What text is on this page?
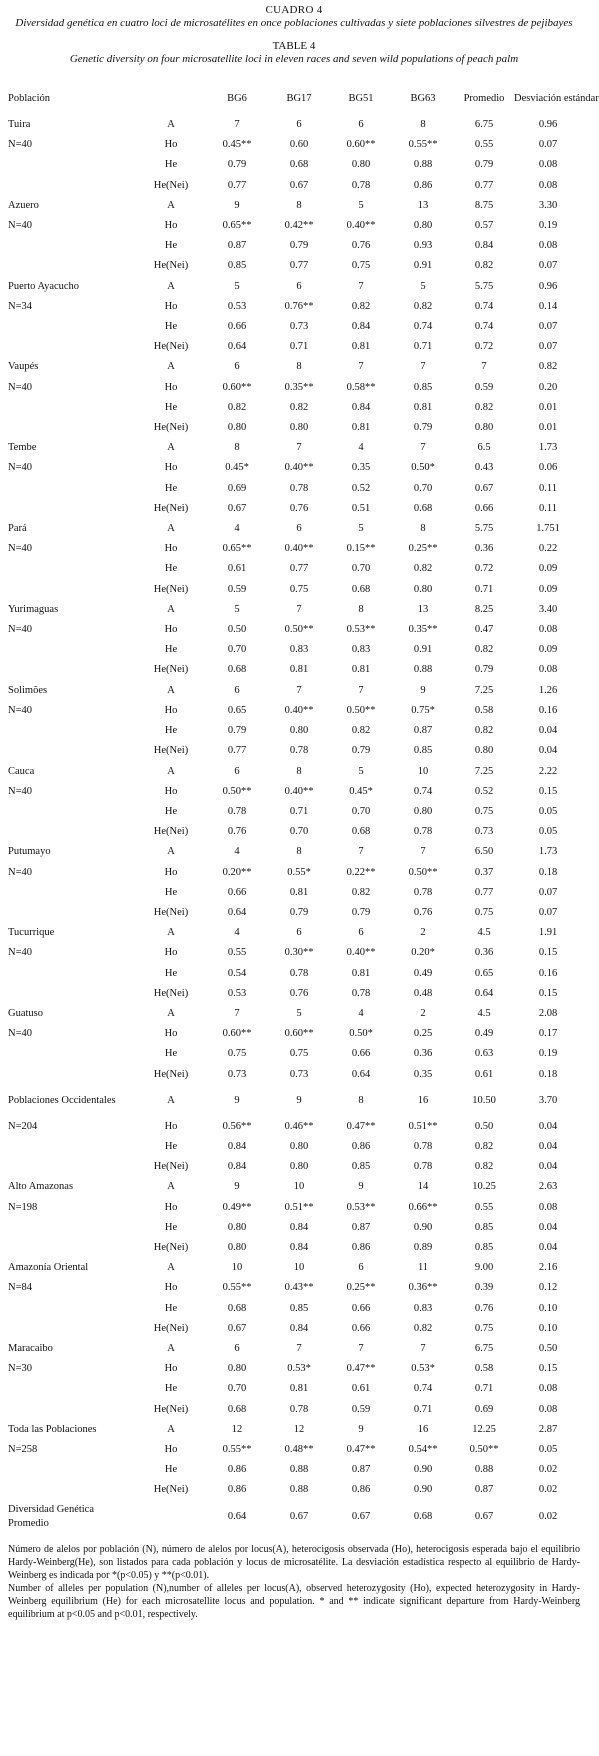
CUADRO 4
Diversidad genética en cuatro loci de microsatélites en once poblaciones cultivadas y siete poblaciones silvestres de pejibayes
TABLE 4
Genetic diversity on four microsatellite loci in eleven races and seven wild populations of peach palm
Población		BG6	BG17	BG51	BG63	Promedio	Desviación estándar
Tuira	A	7	6	6	8	6.75	0.96
N=40	Ho	0.45**	0.60	0.60**	0.55**	0.55	0.07
	He	0.79	0.68	0.80	0.88	0.79	0.08
	He(Nei)	0.77	0.67	0.78	0.86	0.77	0.08
Azuero	A	9	8	5	13	8.75	3.30
N=40	Ho	0.65**	0.42**	0.40**	0.80	0.57	0.19
	He	0.87	0.79	0.76	0.93	0.84	0.08
	He(Nei)	0.85	0.77	0.75	0.91	0.82	0.07
Puerto Ayacucho	A	5	6	7	5	5.75	0.96
N=34	Ho	0.53	0.76**	0.82	0.82	0.74	0.14
	He	0.66	0.73	0.84	0.74	0.74	0.07
	He(Nei)	0.64	0.71	0.81	0.71	0.72	0.07
Vaupés	A	6	8	7	7	7	0.82
N=40	Ho	0.60**	0.35**	0.58**	0.85	0.59	0.20
	He	0.82	0.82	0.84	0.81	0.82	0.01
	He(Nei)	0.80	0.80	0.81	0.79	0.80	0.01
Tembe	A	8	7	4	7	6.5	1.73
N=40	Ho	0.45*	0.40**	0.35	0.50*	0.43	0.06
	He	0.69	0.78	0.52	0.70	0.67	0.11
	He(Nei)	0.67	0.76	0.51	0.68	0.66	0.11
Pará	A	4	6	5	8	5.75	1.751
N=40	Ho	0.65**	0.40**	0.15**	0.25**	0.36	0.22
	He	0.61	0.77	0.70	0.82	0.72	0.09
	He(Nei)	0.59	0.75	0.68	0.80	0.71	0.09
Yurimaguas	A	5	7	8	13	8.25	3.40
N=40	Ho	0.50	0.50**	0.53**	0.35**	0.47	0.08
	He	0.70	0.83	0.83	0.91	0.82	0.09
	He(Nei)	0.68	0.81	0.81	0.88	0.79	0.08
Solimões	A	6	7	7	9	7.25	1.26
N=40	Ho	0.65	0.40**	0.50**	0.75*	0.58	0.16
	He	0.79	0.80	0.82	0.87	0.82	0.04
	He(Nei)	0.77	0.78	0.79	0.85	0.80	0.04
Cauca	A	6	8	5	10	7.25	2.22
N=40	Ho	0.50**	0.40**	0.45*	0.74	0.52	0.15
	He	0.78	0.71	0.70	0.80	0.75	0.05
	He(Nei)	0.76	0.70	0.68	0.78	0.73	0.05
Putumayo	A	4	8	7	7	6.50	1.73
N=40	Ho	0.20**	0.55*	0.22**	0.50**	0.37	0.18
	He	0.66	0.81	0.82	0.78	0.77	0.07
	He(Nei)	0.64	0.79	0.79	0.76	0.75	0.07
Tucurrique	A	4	6	6	2	4.5	1.91
N=40	Ho	0.55	0.30**	0.40**	0.20*	0.36	0.15
	He	0.54	0.78	0.81	0.49	0.65	0.16
	He(Nei)	0.53	0.76	0.78	0.48	0.64	0.15
Guatuso	A	7	5	4	2	4.5	2.08
N=40	Ho	0.60**	0.60**	0.50*	0.25	0.49	0.17
	He	0.75	0.75	0.66	0.36	0.63	0.19
	He(Nei)	0.73	0.73	0.64	0.35	0.61	0.18
Poblaciones Occidentales	A	9	9	8	16	10.50	3.70
N=204	Ho	0.56**	0.46**	0.47**	0.51**	0.50	0.04
	He	0.84	0.80	0.86	0.78	0.82	0.04
	He(Nei)	0.84	0.80	0.85	0.78	0.82	0.04
Alto Amazonas	A	9	10	9	14	10.25	2.63
N=198	Ho	0.49**	0.51**	0.53**	0.66**	0.55	0.08
	He	0.80	0.84	0.87	0.90	0.85	0.04
	He(Nei)	0.80	0.84	0.86	0.89	0.85	0.04
Amazonía Oriental	A	10	10	6	11	9.00	2.16
N=84	Ho	0.55**	0.43**	0.25**	0.36**	0.39	0.12
	He	0.68	0.85	0.66	0.83	0.76	0.10
	He(Nei)	0.67	0.84	0.66	0.82	0.75	0.10
Maracaibo	A	6	7	7	7	6.75	0.50
N=30	Ho	0.80	0.53*	0.47**	0.53*	0.58	0.15
	He	0.70	0.81	0.61	0.74	0.71	0.08
	He(Nei)	0.68	0.78	0.59	0.71	0.69	0.08
Toda las Poblaciones	A	12	12	9	16	12.25	2.87
N=258	Ho	0.55**	0.48**	0.47**	0.54**	0.50**	0.05
	He	0.86	0.88	0.87	0.90	0.88	0.02
	He(Nei)	0.86	0.88	0.86	0.90	0.87	0.02
Diversidad Genética Promedio		0.64	0.67	0.67	0.68	0.67	0.02

Número de alelos por población (N), número de alelos por locus(A), heterocigosis observada (Ho), heterocigosis esperada bajo el equilibrio Hardy-Weinberg(He), son listados para cada población y locus de microsatélite. La desviación estadística respecto al equilibrio de Hardy-Weinberg es indicada por *(p<0.05) y **(p<0.01).

Number of alleles per population (N),number of alleles per locus(A), observed heterozygosity (Ho), expected heterozygosity in Hardy-Weinberg equilibrium (He) for each microsatellite locus and population. * and ** indicate significant departure from Hardy-Weinberg equilibrium at p<0.05 and p<0.01, respectively.
